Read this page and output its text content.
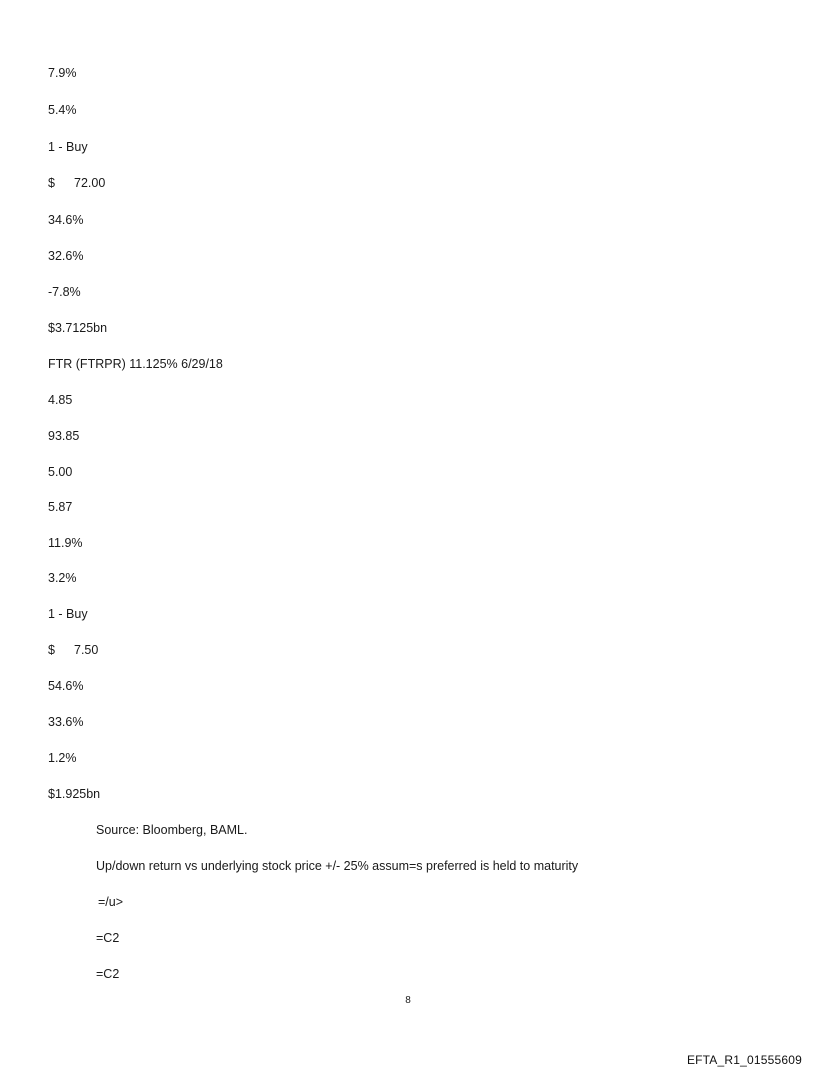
7.9%
5.4%
1 - Buy
$ 72.00
34.6%
32.6%
-7.8%
$3.7125bn
FTR (FTRPR) 11.125% 6/29/18
4.85
93.85
5.00
5.87
11.9%
3.2%
1 - Buy
$ 7.50
54.6%
33.6%
1.2%
$1.925bn
Source: Bloomberg, BAML.
Up/down return vs underlying stock price +/- 25% assum=s preferred is held to maturity
=/u>
=C2
=C2
8
EFTA_R1_01555609
